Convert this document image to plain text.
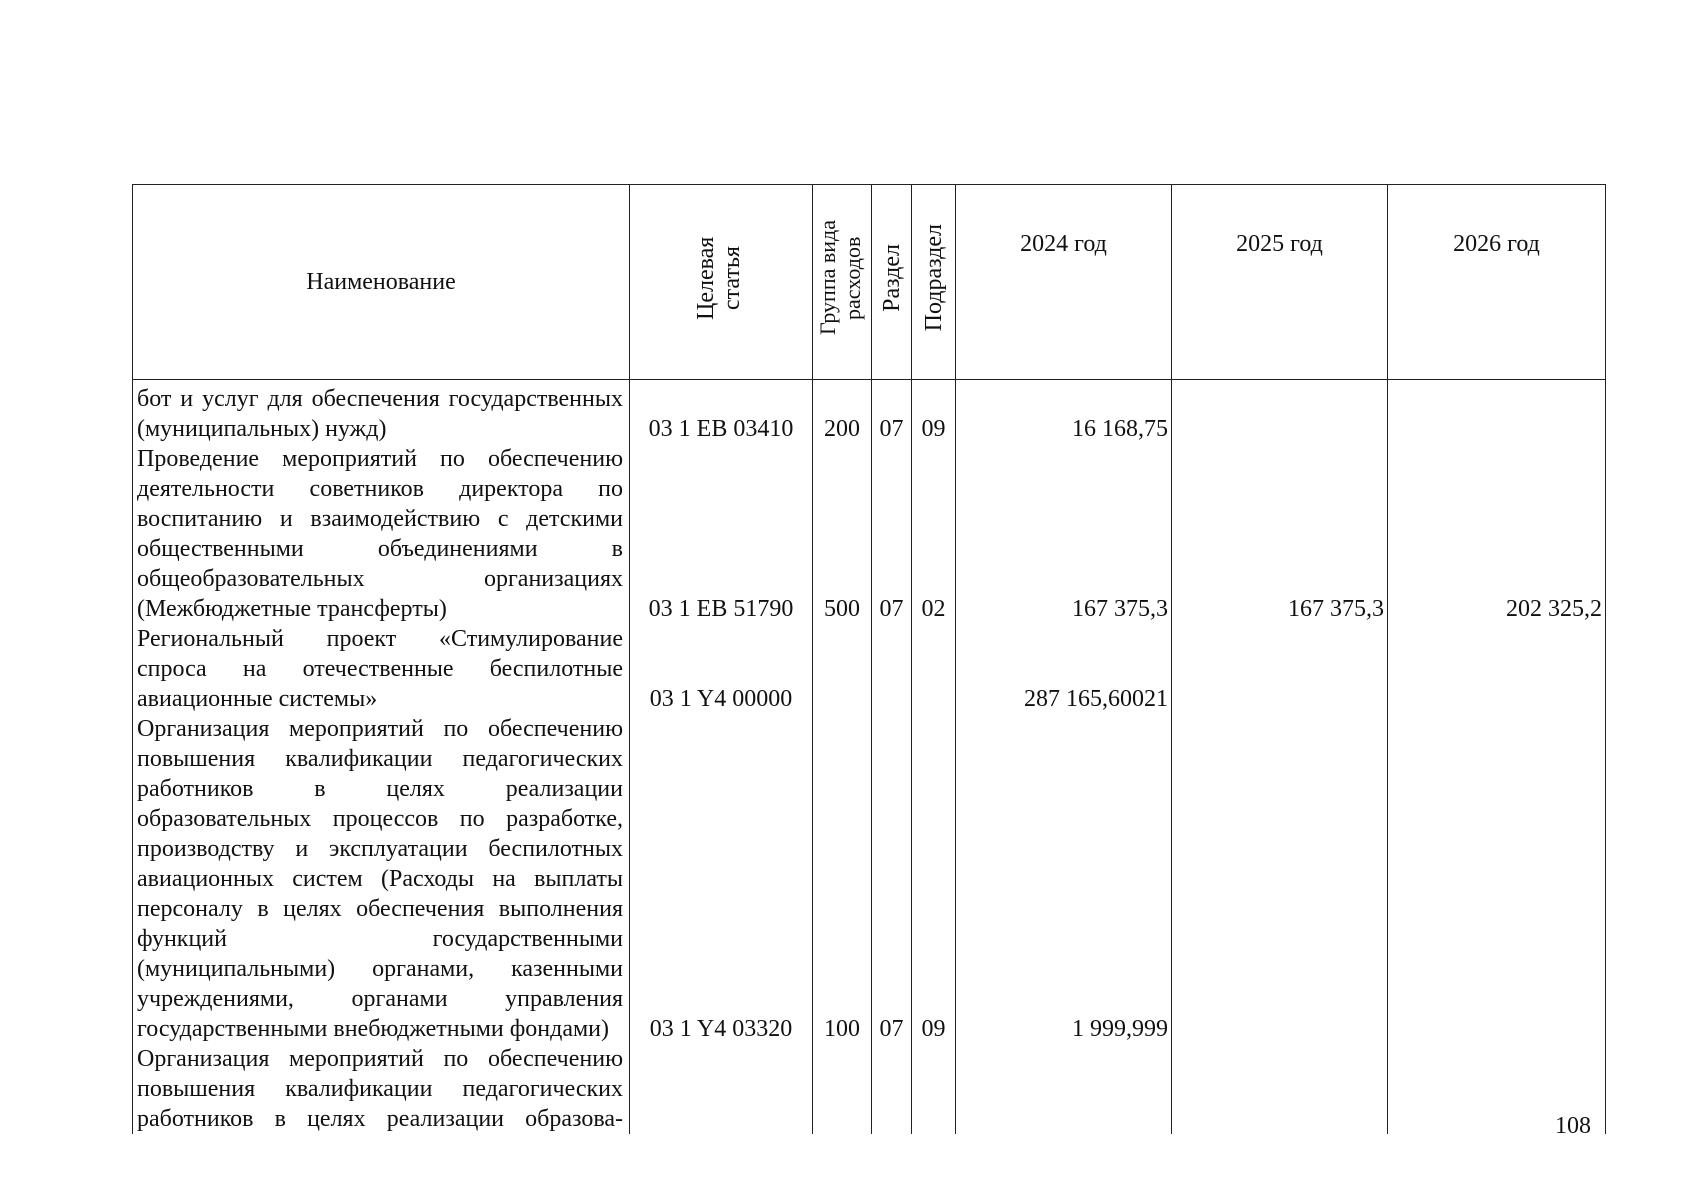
Наименование	Целевая статья	Группа вида расходов	Раздел	Подраздел	2024 год	2025 год	2026 год
бот и услуг для обеспечения государственных (муниципальных) нужд)	03 1 EB 03410	200	07	09	16 168,75		
Проведение мероприятий по обеспечению деятельности советников директора по воспитанию и взаимодействию с детскими общественными объединениями в общеобразовательных организациях (Межбюджетные трансферты)	03 1 EB 51790	500	07	02	167 375,3	167 375,3	202 325,2
Региональный проект «Стимулирование спроса на отечественные беспилотные авиационные системы»	03 1 Y4 00000				287 165,60021		
Организация мероприятий по обеспечению повышения квалификации педагогических работников в целях реализации образовательных процессов по разработке, производству и эксплуатации беспилотных авиационных систем (Расходы на выплаты персоналу в целях обеспечения выполнения функций государственными (муниципальными) органами, казенными учреждениями, органами управления государственными внебюджетными фондами)	03 1 Y4 03320	100	07	09	1 999,999		
Организация мероприятий по обеспечению повышения квалификации педагогических работников в целях реализации образова-								108
